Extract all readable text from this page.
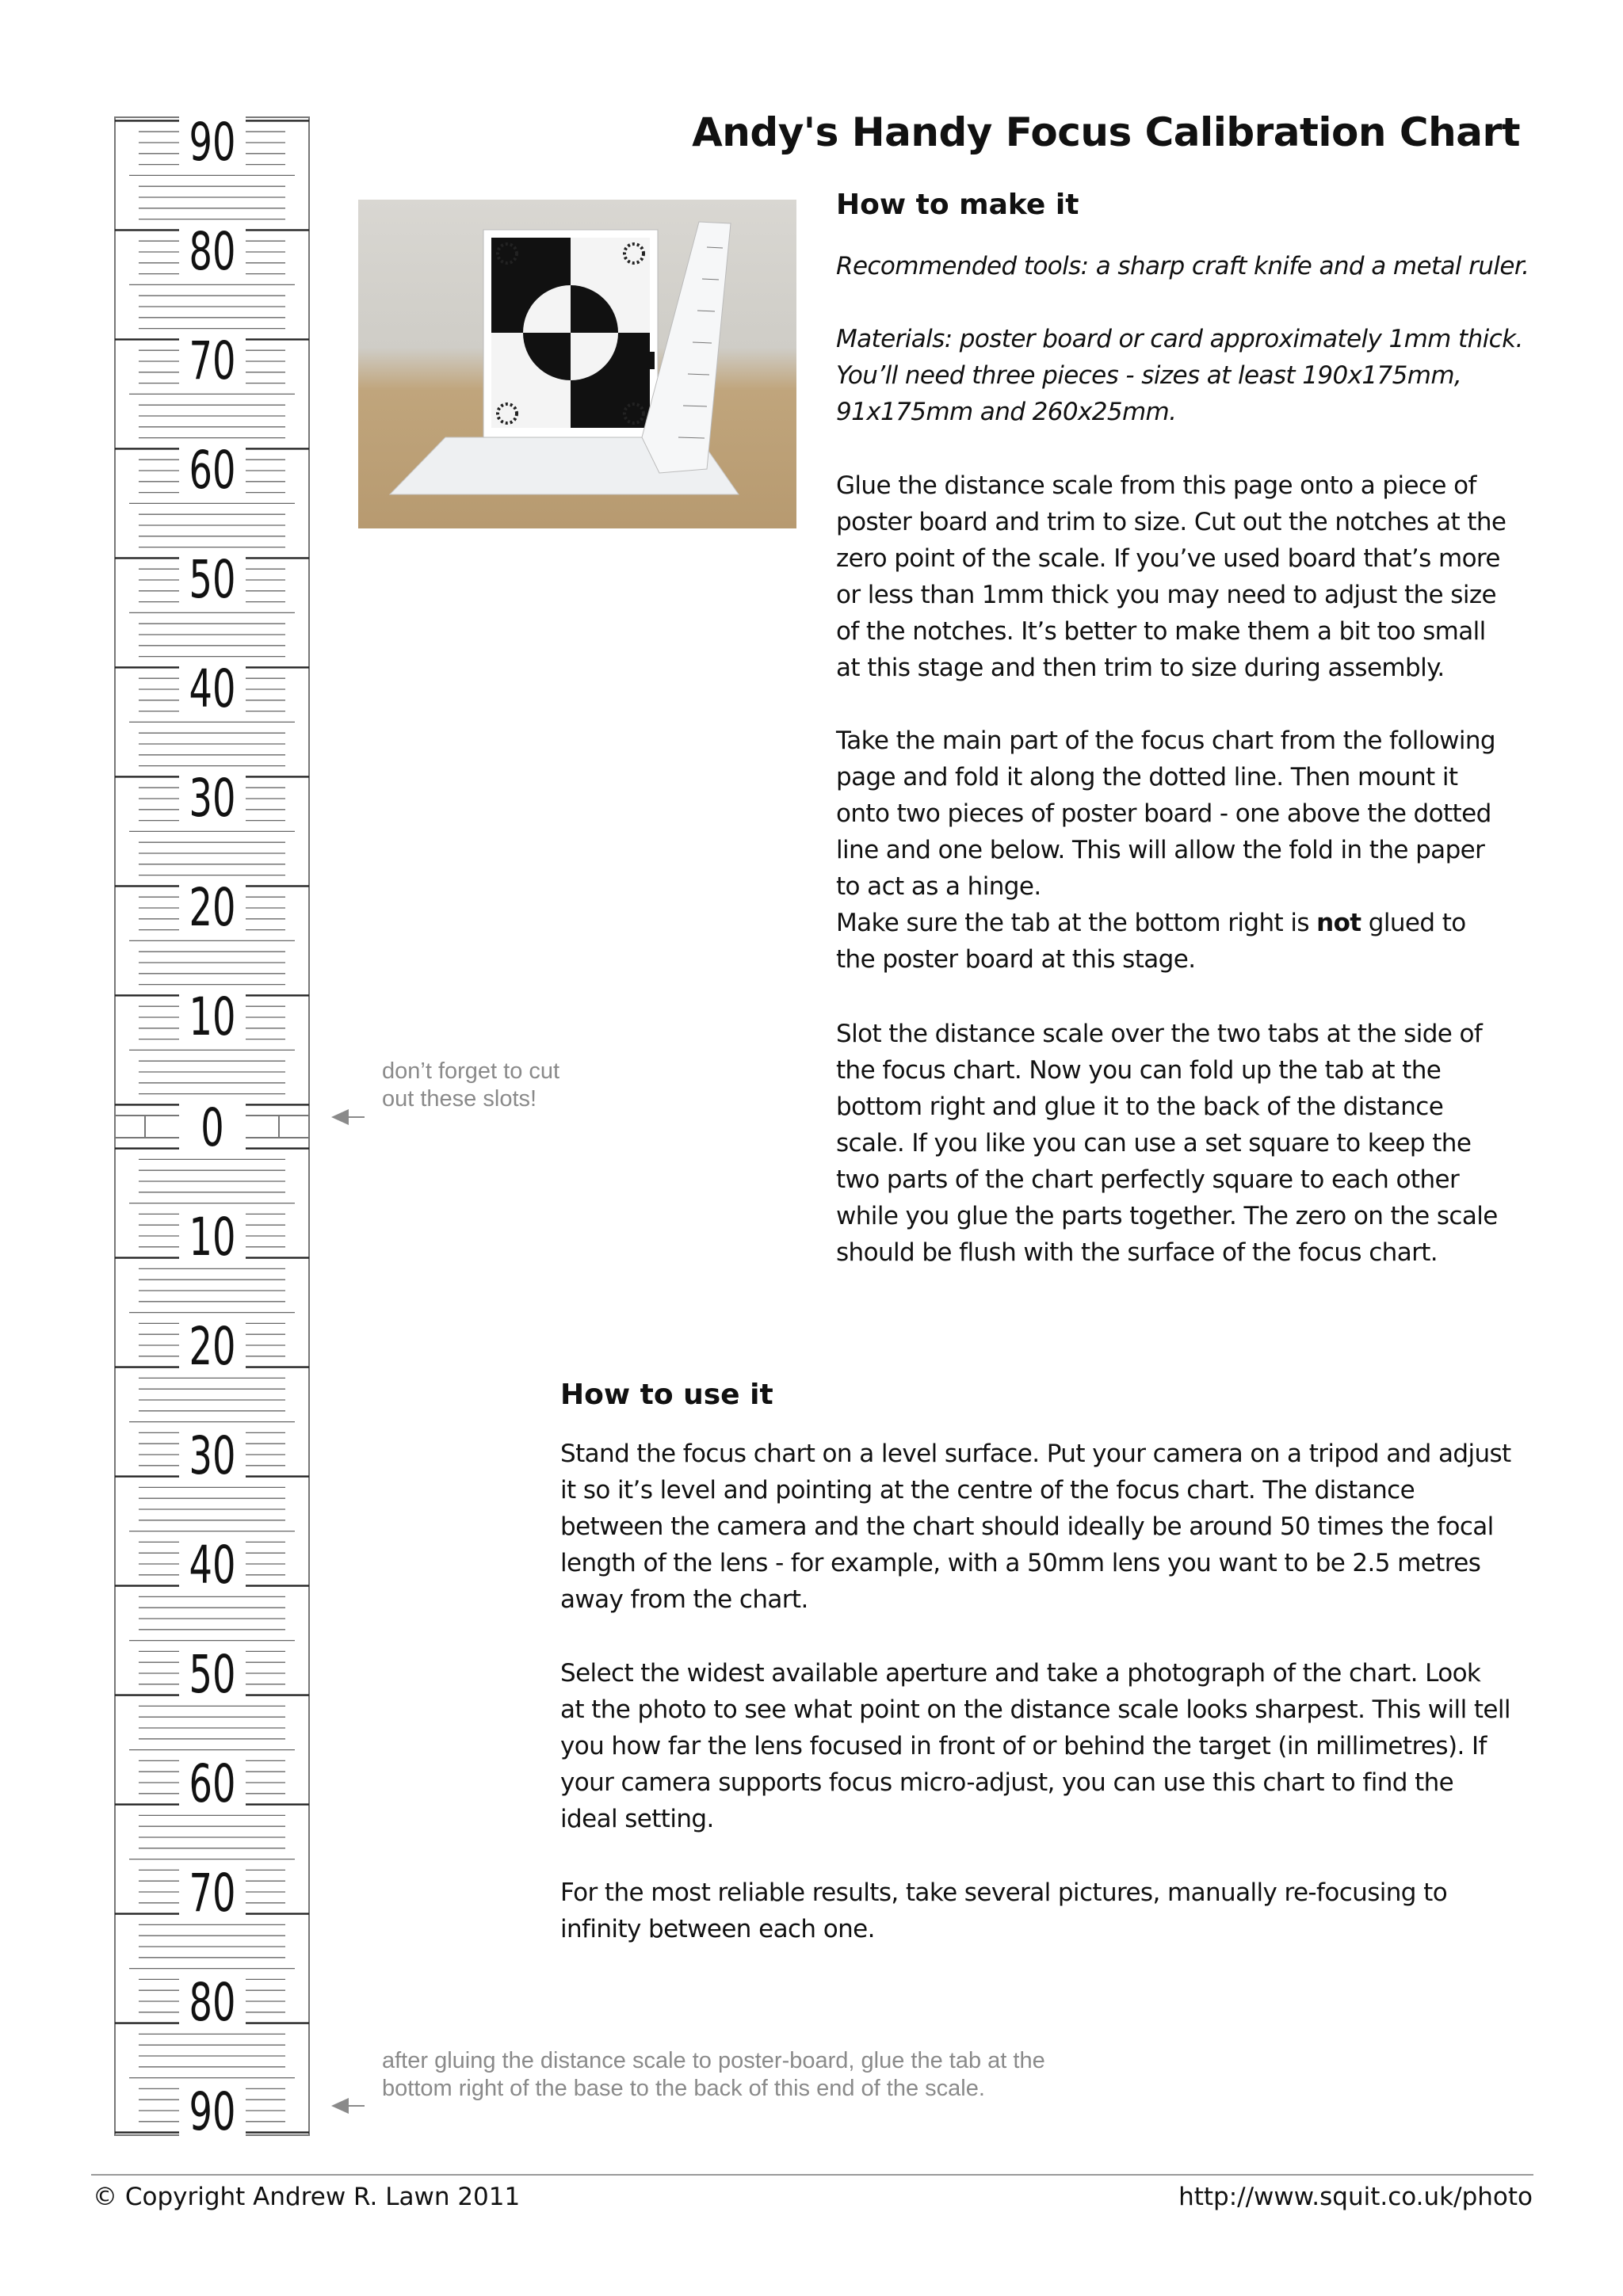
90
80
70
60
50
40
30
20
10
0
10
20
30
40
50
60
70
80
90
Andy's Handy Focus Calibration Chart
How to make it

Recommended tools: a sharp craft knife and a metal ruler.

Materials: poster board or card approximately 1mm thick.
You’ll need three pieces - sizes at least 190x175mm,
91x175mm and 260x25mm.

Glue the distance scale from this page onto a piece of
poster board and trim to size. Cut out the notches at the
zero point of the scale. If you’ve used board that’s more
or less than 1mm thick you may need to adjust the size
of the notches. It’s better to make them a bit too small
at this stage and then trim to size during assembly.

Take the main part of the focus chart from the following
page and fold it along the dotted line. Then mount it
onto two pieces of poster board - one above the dotted
line and one below. This will allow the fold in the paper
to act as a hinge.

Make sure the tab at the bottom right is not glued to
the poster board at this stage.

Slot the distance scale over the two tabs at the side of
the focus chart. Now you can fold up the tab at the
bottom right and glue it to the back of the distance
scale. If you like you can use a set square to keep the
two parts of the chart perfectly square to each other
while you glue the parts together. The zero on the scale
should be flush with the surface of the focus chart.

How to use it

Stand the focus chart on a level surface. Put your camera on a tripod and adjust
it so it’s level and pointing at the centre of the focus chart. The distance
between the camera and the chart should ideally be around 50 times the focal
length of the lens - for example, with a 50mm lens you want to be 2.5 metres
away from the chart.

Select the widest available aperture and take a photograph of the chart. Look
at the photo to see what point on the distance scale looks sharpest. This will tell
you how far the lens focused in front of or behind the target (in millimetres). If
your camera supports focus micro-adjust, you can use this chart to find the
ideal setting.

For the most reliable results, take several pictures, manually re-focusing to
infinity between each one.

don’t forget to cut
out these slots!

after gluing the distance scale to poster-board, glue the tab at the
bottom right of the base to the back of this end of the scale.

© Copyright Andrew R. Lawn 2011	http://www.squit.co.uk/photo
